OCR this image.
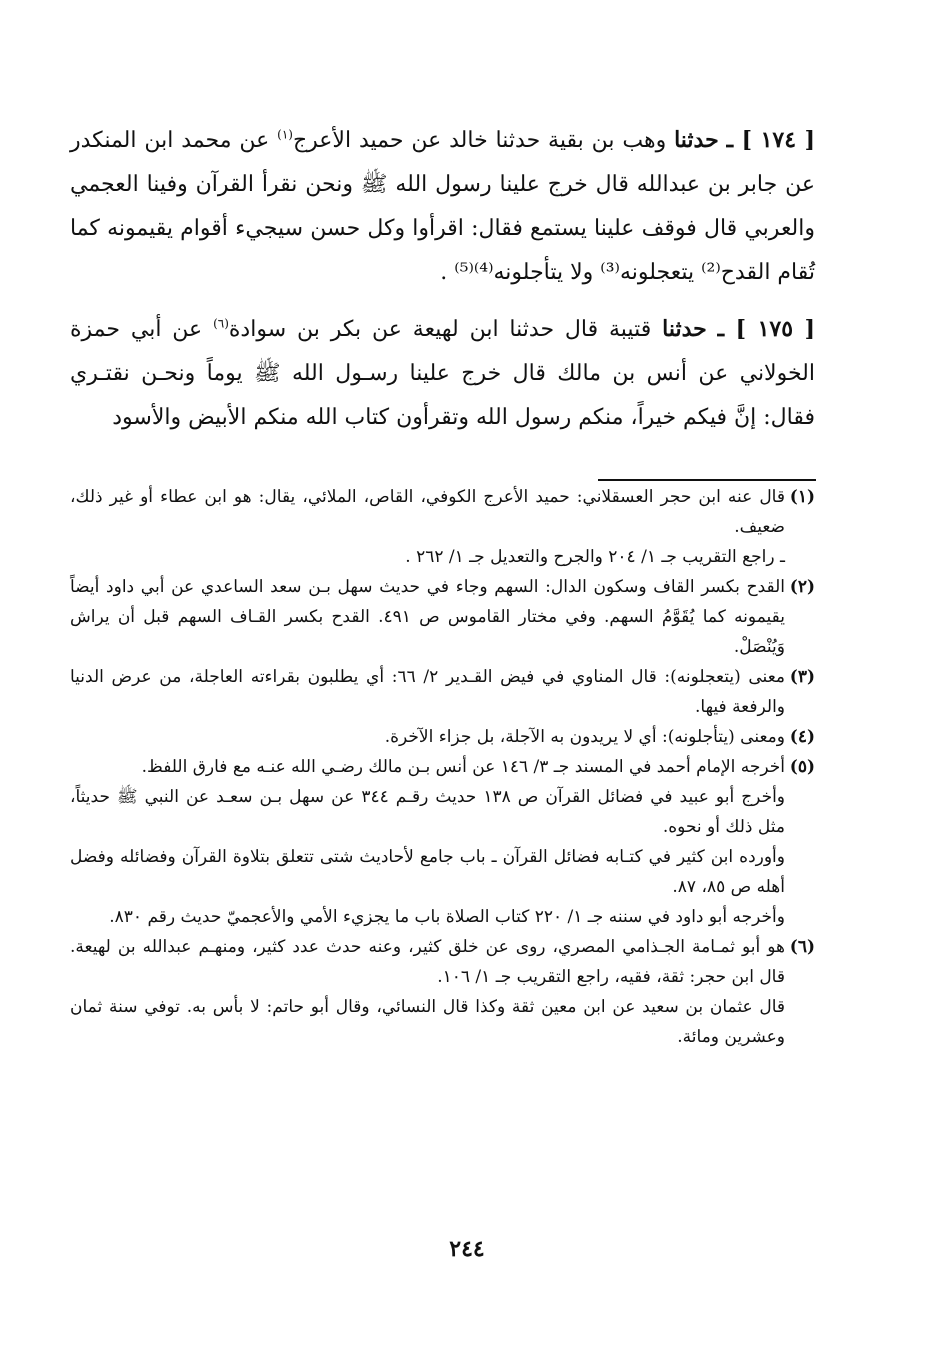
[ ١٧٤ ] ـ حدثنا وهب بن بقية حدثنا خالد عن حميد الأعرج$^{(١)}$ عن محمد ابن المنكدر عن جابر بن عبدالله قال خرج علينا رسول الله ﷺ ونحن نقرأ القرآن وفينا العجمي والعربي قال فوقف علينا يستمع فقال: اقرأوا وكل حسن سيجيء أقوام يقيمونه كما تُقام القدح⁽²⁾ يتعجلونه⁽³⁾ ولا يتأجلونه⁽⁴⁾⁽⁵⁾ .

[ ١٧٥ ] ـ حدثنا قتيبة قال حدثنا ابن لهيعة عن بكر بن سوادة$^{(٦)}$ عن أبي حمزة الخولاني عن أنس بن مالك قال خرج علينا رسـول الله ﷺ يوماً ونحـن نقتـري فقال: إنَّ فيكم خيراً، منكم رسول الله وتقرأون كتاب الله منكم الأبيض والأسود

(١)
قال عنه ابن حجر العسقلاني: حميد الأعرج الكوفي، القاص، الملائي، يقال: هو ابن عطاء أو غير ذلك، ضعيف.

ـ راجع التقريب جـ ١/ ٢٠٤ والجرح والتعديل جـ ١/ ٢٦٢ .

(٢)
القدح بكسر القاف وسكون الدال: السهم وجاء في حديث سهل بـن سعد الساعدي عن أبي داود أيضاً يقيمونه كما يُقَوَّمُ السهم. وفي مختار القاموس ص ٤٩١. القدح بكسر القـاف السهم قبل أن يراش وَيُنْصَلْ.
(٣)
معنى (يتعجلونه): قال المناوي في فيض القـدير ٢/ ٦٦: أي يطلبون بقراءته العاجلة، من عرض الدنيا والرفعة فيها.
(٤)
ومعنى (يتأجلونه): أي لا يريدون به الآجلة، بل جزاء الآخرة.
(٥)
أخرجه الإمام أحمد في المسند جـ ٣/ ١٤٦ عن أنس بـن مالك رضـي الله عنـه مع فارق اللفظ.

وأخرج أبو عبيد في فضائل القرآن ص ١٣٨ حديث رقـم ٣٤٤ عن سهل بـن سعـد عن النبي ﷺ حديثاً، مثل ذلك أو نحوه.

وأورده ابن كثير في كتـابه فضائل القرآن ـ باب جامع لأحاديث شتى تتعلق بتلاوة القرآن وفضائله وفضل أهله ص ٨٥، ٨٧.

وأخرجه أبو داود في سننه جـ ١/ ٢٢٠ كتاب الصلاة باب ما يجزيء الأمي والأعجميّ حديث رقم ٨٣٠.

(٦)
هو أبو ثمـامة الجـذامي المصري، روى عن خلق كثير، وعنه حدث عدد كثير، ومنهـم عبدالله بن لهيعة. قال ابن حجر: ثقة، فقيه، راجع التقريب جـ ١/ ١٠٦.

قال عثمان بن سعيد عن ابن معين ثقة وكذا قال النسائي، وقال أبو حاتم: لا بأس به. توفي سنة ثمان وعشرين ومائة.

٢٤٤
